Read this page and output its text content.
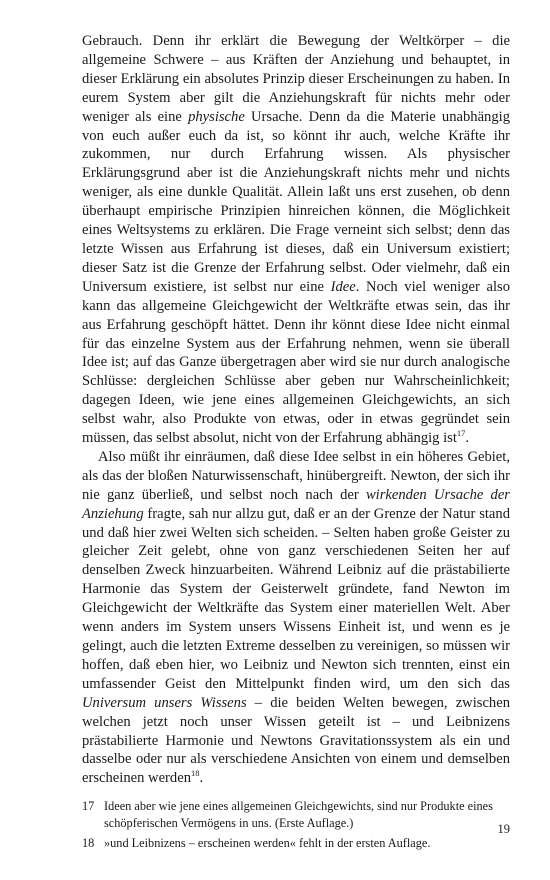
Gebrauch. Denn ihr erklärt die Bewegung der Weltkörper – die allgemeine Schwere – aus Kräften der Anziehung und behauptet, in dieser Erklärung ein absolutes Prinzip dieser Erscheinungen zu haben. In eurem System aber gilt die Anziehungskraft für nichts mehr oder weniger als eine physische Ursache. Denn da die Materie unabhängig von euch außer euch da ist, so könnt ihr auch, welche Kräfte ihr zukommen, nur durch Erfahrung wissen. Als physischer Erklärungsgrund aber ist die Anziehungskraft nichts mehr und nichts weniger, als eine dunkle Qualität. Allein laßt uns erst zusehen, ob denn überhaupt empirische Prinzipien hinreichen können, die Möglichkeit eines Weltsystems zu erklären. Die Frage verneint sich selbst; denn das letzte Wissen aus Erfahrung ist dieses, daß ein Universum existiert; dieser Satz ist die Grenze der Erfahrung selbst. Oder vielmehr, daß ein Universum existiere, ist selbst nur eine Idee. Noch viel weniger also kann das allgemeine Gleichgewicht der Weltkräfte etwas sein, das ihr aus Erfahrung geschöpft hättet. Denn ihr könnt diese Idee nicht einmal für das einzelne System aus der Erfahrung nehmen, wenn sie überall Idee ist; auf das Ganze übergetragen aber wird sie nur durch analogische Schlüsse: dergleichen Schlüsse aber geben nur Wahrscheinlichkeit; dagegen Ideen, wie jene eines allgemeinen Gleichgewichts, an sich selbst wahr, also Produkte von etwas, oder in etwas gegründet sein müssen, das selbst absolut, nicht von der Erfahrung abhängig ist$^{17}$.

Also müßt ihr einräumen, daß diese Idee selbst in ein höheres Gebiet, als das der bloßen Naturwissenschaft, hinübergreift. Newton, der sich ihr nie ganz überließ, und selbst noch nach der wirkenden Ursache der Anziehung fragte, sah nur allzu gut, daß er an der Grenze der Natur stand und daß hier zwei Welten sich scheiden. – Selten haben große Geister zu gleicher Zeit gelebt, ohne von ganz verschiedenen Seiten her auf denselben Zweck hinzuarbeiten. Während Leibniz auf die prästabilierte Harmonie das System der Geisterwelt gründete, fand Newton im Gleichgewicht der Weltkräfte das System einer materiellen Welt. Aber wenn anders im System unsers Wissens Einheit ist, und wenn es je gelingt, auch die letzten Extreme desselben zu vereinigen, so müssen wir hoffen, daß eben hier, wo Leibniz und Newton sich trennten, einst ein umfassender Geist den Mittelpunkt finden wird, um den sich das Universum unsers Wissens – die beiden Welten bewegen, zwischen welchen jetzt noch unser Wissen geteilt ist – und Leibnizens prästabilierte Harmonie und Newtons Gravitationssystem als ein und dasselbe oder nur als verschiedene Ansichten von einem und demselben erscheinen werden$^{18}$.

17 Ideen aber wie jene eines allgemeinen Gleichgewichts, sind nur Produkte eines schöpferischen Vermögens in uns. (Erste Auflage.)

18 »und Leibnizens – erscheinen werden« fehlt in der ersten Auflage.

19
